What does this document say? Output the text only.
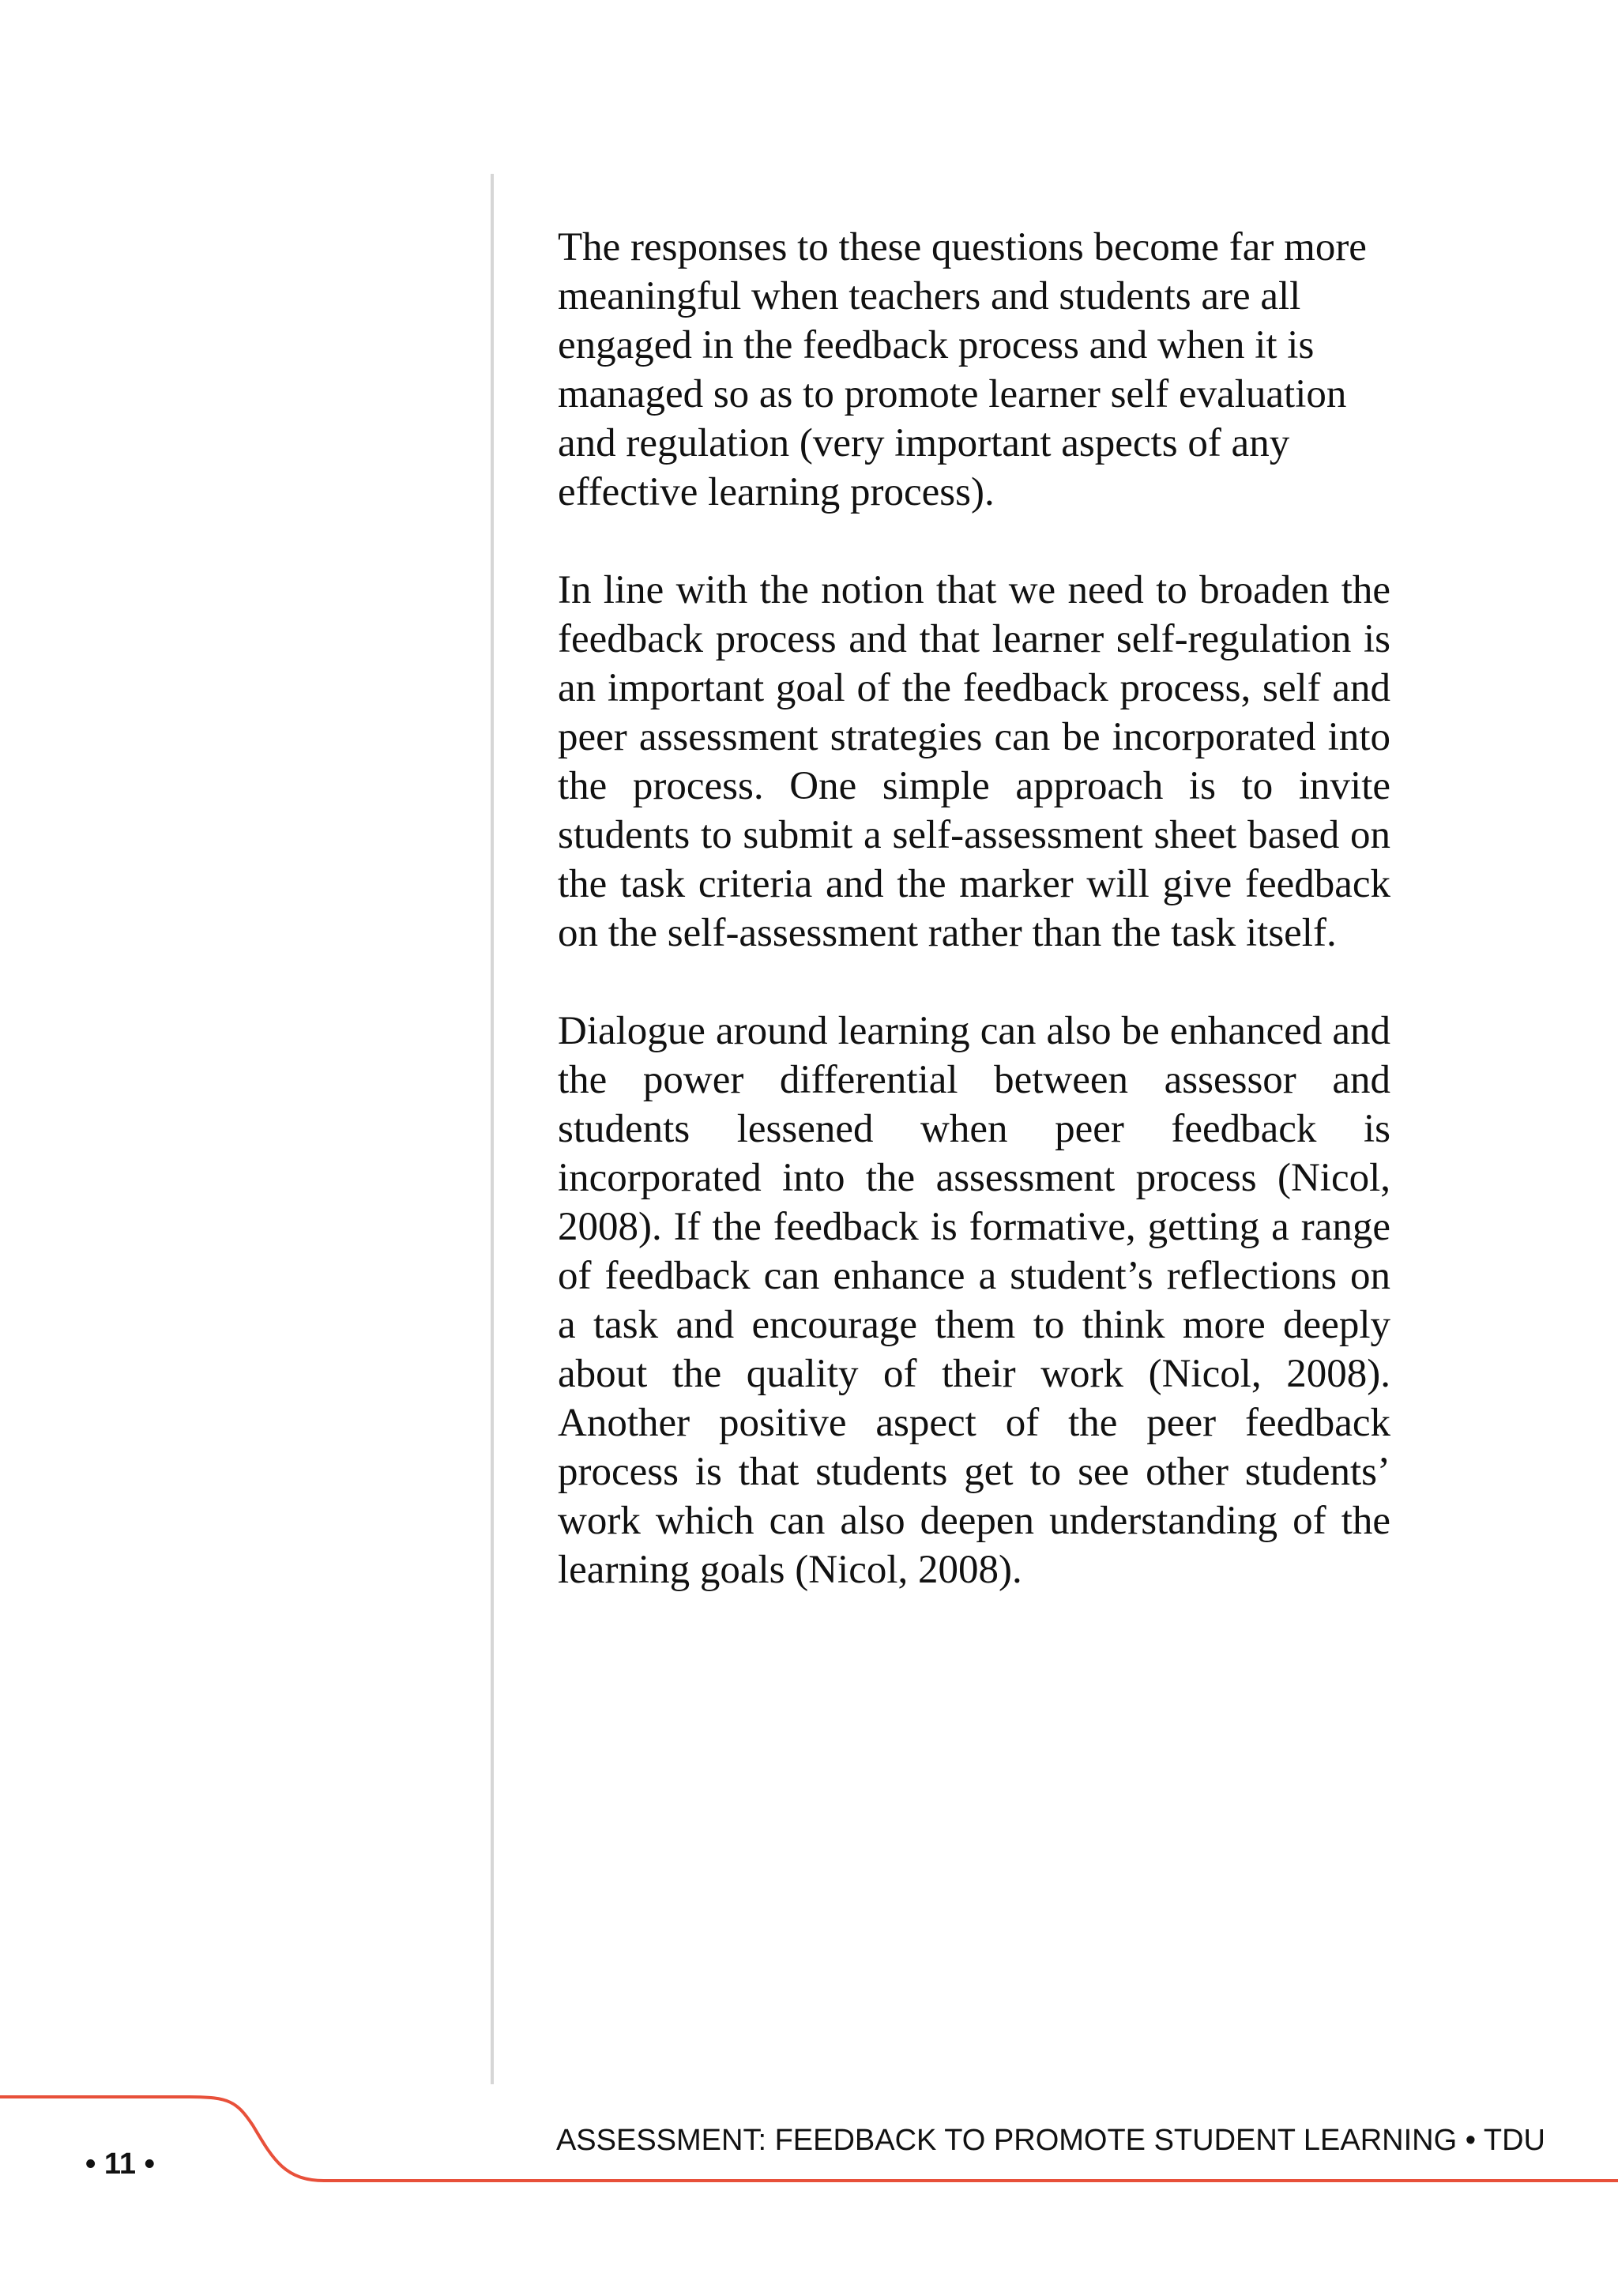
The responses to these questions become far more meaningful when teachers and students are all engaged in the feedback process and when it is managed so as to promote learner self evaluation and regulation (very important aspects of any effective learning process).

In line with the notion that we need to broaden the feedback process and that learner self-regulation is an important goal of the feedback process, self and peer assessment strategies can be incorporated into the process. One simple approach is to invite students to submit a self-assessment sheet based on the task criteria and the marker will give feedback on the self-assessment rather than the task itself.

Dialogue around learning can also be enhanced and the power differential between assessor and students lessened when peer feedback is incorporated into the assessment process (Nicol, 2008). If the feedback is formative, getting a range of feedback can enhance a student’s reflections on a task and encourage them to think more deeply about the quality of their work (Nicol, 2008). Another positive aspect of the peer feedback process is that students get to see other students’ work which can also deepen understanding of the learning goals (Nicol, 2008).

• 11 •
ASSESSMENT: FEEDBACK TO PROMOTE STUDENT LEARNING • TDU
